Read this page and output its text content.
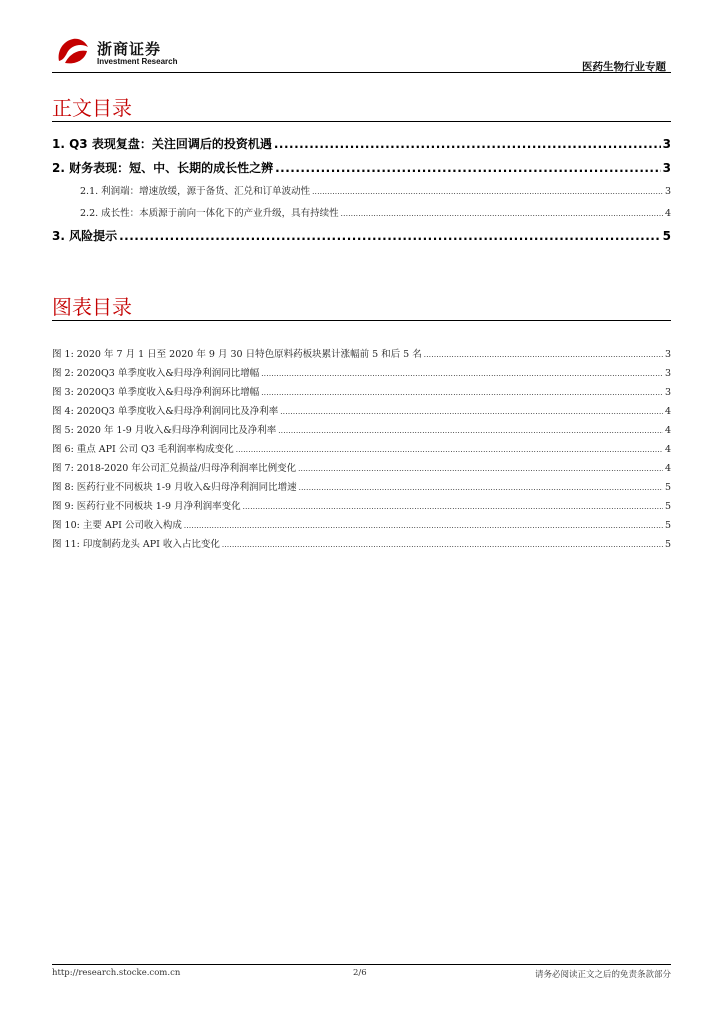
浙商证券
Investment Research	医药生物行业专题
正文目录
1. Q3 表现复盘：关注回调后的投资机遇 .....	3
2. 财务表现：短、中、长期的成长性之辨 .....	3
2.1. 利润端：增速放缓，源于备货、汇兑和订单波动性 .....	3
2.2. 成长性：本质源于前向一体化下的产业升级，具有持续性 .....	4
3. 风险提示 .....	5
图表目录
图 1: 2020 年 7 月 1 日至 2020 年 9 月 30 日特色原料药板块累计涨幅前 5 和后 5 名 .....	3
图 2: 2020Q3 单季度收入&归母净利润同比增幅 .....	3
图 3: 2020Q3 单季度收入&归母净利润环比增幅 .....	3
图 4: 2020Q3 单季度收入&归母净利润同比及净利率 .....	4
图 5: 2020 年 1-9 月收入&归母净利润同比及净利率 .....	4
图 6: 重点 API 公司 Q3 毛利润率构成变化 .....	4
图 7: 2018-2020 年公司汇兑损益/归母净利润率比例变化 .....	4
图 8: 医药行业不同板块 1-9 月收入&归母净利润同比增速 .....	5
图 9: 医药行业不同板块 1-9 月净利润率变化 .....	5
图 10: 主要 API 公司收入构成 .....	5
图 11: 印度制药龙头 API 收入占比变化 .....	5
http://research.stocke.com.cn	2/6	请务必阅读正文之后的免责条款部分
